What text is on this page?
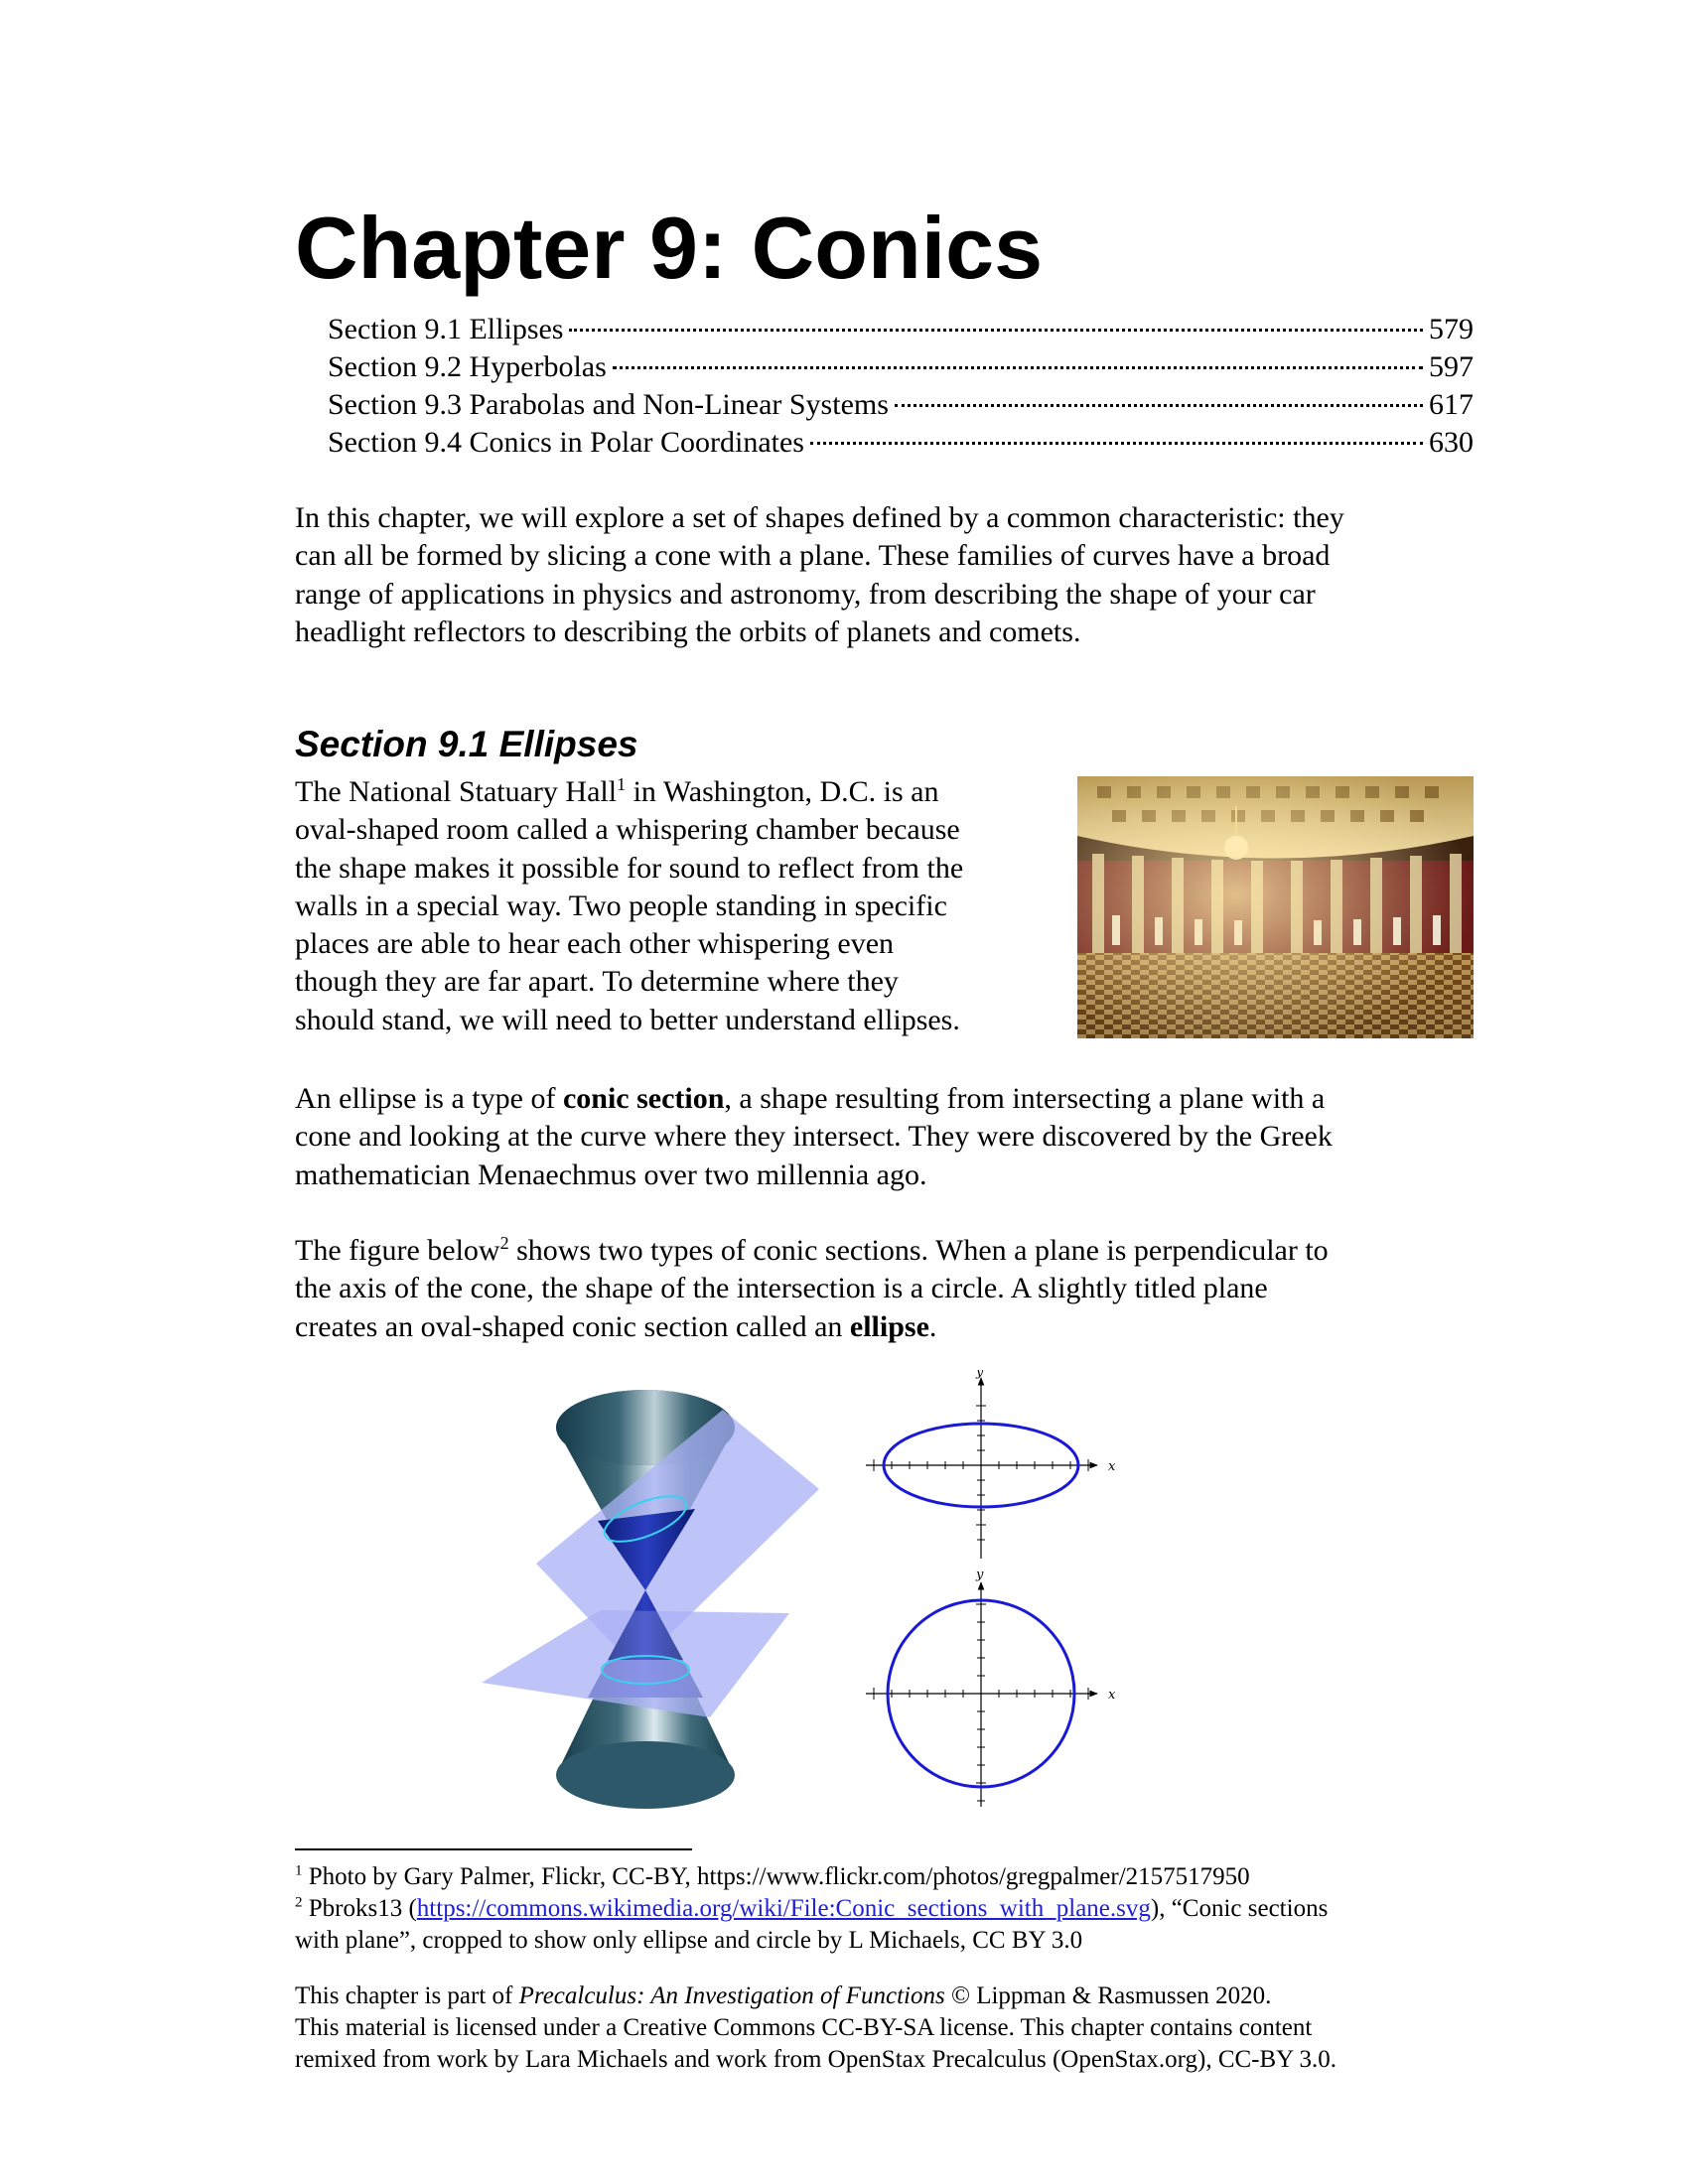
Chapter 9: Conics
Section 9.1 Ellipses	579
Section 9.2 Hyperbolas	597
Section 9.3 Parabolas and Non-Linear Systems	617
Section 9.4 Conics in Polar Coordinates	630
In this chapter, we will explore a set of shapes defined by a common characteristic: they
can all be formed by slicing a cone with a plane. These families of curves have a broad
range of applications in physics and astronomy, from describing the shape of your car
headlight reflectors to describing the orbits of planets and comets.
Section 9.1 Ellipses
The National Statuary Hall$^1$ in Washington, D.C. is an
oval-shaped room called a whispering chamber because
the shape makes it possible for sound to reflect from the
walls in a special way. Two people standing in specific
places are able to hear each other whispering even
though they are far apart. To determine where they
should stand, we will need to better understand ellipses.
An ellipse is a type of conic section, a shape resulting from intersecting a plane with a
cone and looking at the curve where they intersect. They were discovered by the Greek
mathematician Menaechmus over two millennia ago.
The figure below$^2$ shows two types of conic sections. When a plane is perpendicular to
the axis of the cone, the shape of the intersection is a circle. A slightly titled plane
creates an oval-shaped conic section called an ellipse.
x
y
x
y

$^1$ Photo by Gary Palmer, Flickr, CC-BY, https://www.flickr.com/photos/gregpalmer/2157517950

$^2$ Pbroks13 (https://commons.wikimedia.org/wiki/File:Conic_sections_with_plane.svg), “Conic sections

with plane”, cropped to show only ellipse and circle by L Michaels, CC BY 3.0

This chapter is part of Precalculus: An Investigation of Functions © Lippman & Rasmussen 2020.

This material is licensed under a Creative Commons CC-BY-SA license. This chapter contains content

remixed from work by Lara Michaels and work from OpenStax Precalculus (OpenStax.org), CC-BY 3.0.
